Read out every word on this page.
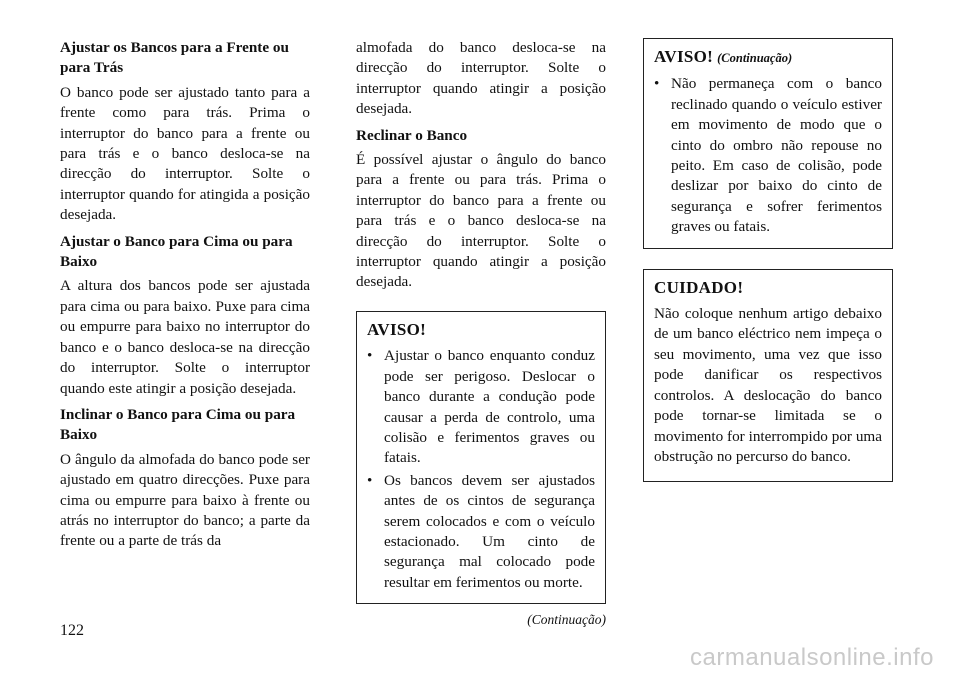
Ajustar os Bancos para a Frente ou para Trás

O banco pode ser ajustado tanto para a frente como para trás. Prima o interruptor do banco para a frente ou para trás e o banco desloca-se na direcção do interruptor. Solte o interruptor quando for atingida a posição desejada.

Ajustar o Banco para Cima ou para Baixo

A altura dos bancos pode ser ajustada para cima ou para baixo. Puxe para cima ou empurre para baixo no interruptor do banco e o banco desloca-se na direcção do interruptor. Solte o interruptor quando este atingir a posição desejada.

Inclinar o Banco para Cima ou para Baixo

O ângulo da almofada do banco pode ser ajustado em quatro direcções. Puxe para cima ou empurre para baixo à frente ou atrás no interruptor do banco; a parte da frente ou a parte de trás da

almofada do banco desloca-se na direcção do interruptor. Solte o interruptor quando atingir a posição desejada.

Reclinar o Banco

É possível ajustar o ângulo do banco para a frente ou para trás. Prima o interruptor do banco para a frente ou para trás e o banco desloca-se na direcção do interruptor. Solte o interruptor quando atingir a posição desejada.

AVISO!
• Ajustar o banco enquanto conduz pode ser perigoso. Deslocar o banco durante a condução pode causar a perda de controlo, uma colisão e ferimentos graves ou fatais.
• Os bancos devem ser ajustados antes de os cintos de segurança serem colocados e com o veículo estacionado. Um cinto de segurança mal colocado pode resultar em ferimentos ou morte.
(Continuação)
AVISO! (Continuação)
• Não permaneça com o banco reclinado quando o veículo estiver em movimento de modo que o cinto do ombro não repouse no peito. Em caso de colisão, pode deslizar por baixo do cinto de segurança e sofrer ferimentos graves ou fatais.
CUIDADO!

Não coloque nenhum artigo debaixo de um banco eléctrico nem impeça o seu movimento, uma vez que isso pode danificar os respectivos controlos. A deslocação do banco pode tornar-se limitada se o movimento for interrompido por uma obstrução no percurso do banco.

122
carmanualsonline.info
